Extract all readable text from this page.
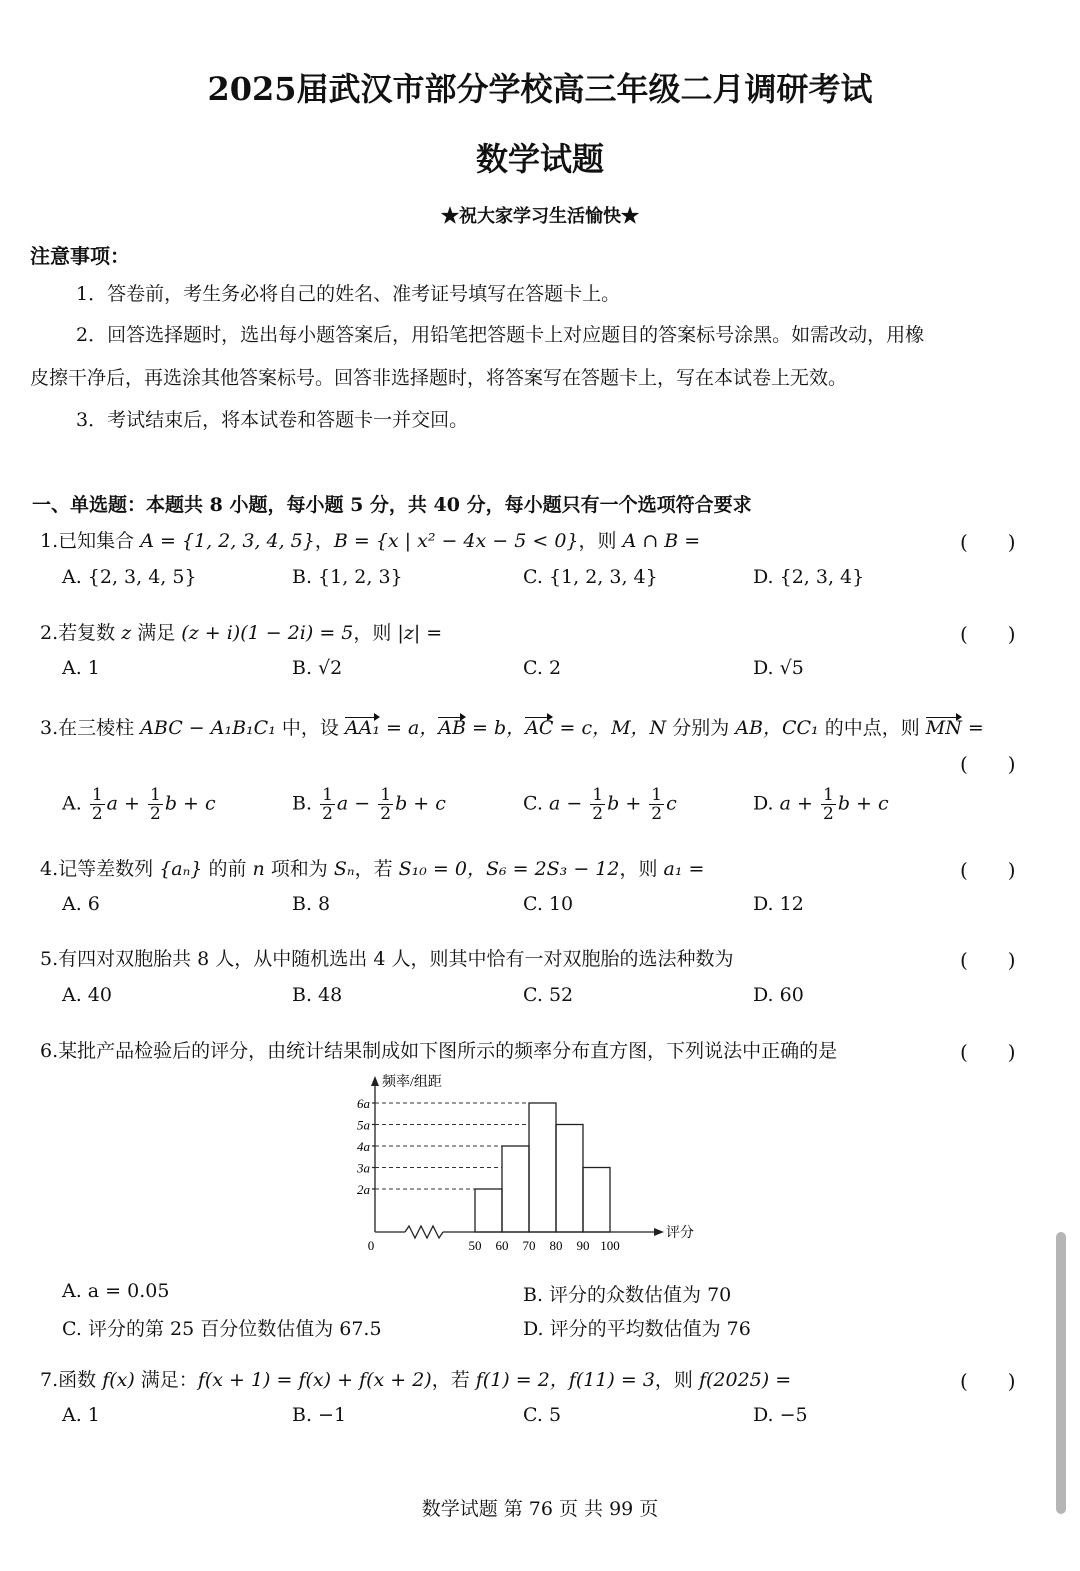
2025届武汉市部分学校高三年级二月调研考试
数学试题
★祝大家学习生活愉快★
注意事项：
1．答卷前，考生务必将自己的姓名、准考证号填写在答题卡上。
2．回答选择题时，选出每小题答案后，用铅笔把答题卡上对应题目的答案标号涂黑。如需改动，用橡
皮擦干净后，再选涂其他答案标号。回答非选择题时，将答案写在答题卡上，写在本试卷上无效。
3．考试结束后，将本试卷和答题卡一并交回。
一、单选题：本题共 8 小题，每小题 5 分，共 40 分，每小题只有一个选项符合要求
1.已知集合 A = {1, 2, 3, 4, 5}，B = {x | x² − 4x − 5 < 0}，则 A ∩ B =	(　　)
A. {2, 3, 4, 5}	B. {1, 2, 3}	C. {1, 2, 3, 4}	D. {2, 3, 4}
2.若复数 z 满足 (z + i)(1 − 2i) = 5，则 |z| =	(　　)
A. 1	B. √2	C. 2	D. √5
3.在三棱柱 ABC − A₁B₁C₁ 中，设 AA₁ = a，AB = b，AC = c，M，N 分别为 AB，CC₁ 的中点，则 MN =
(　　)
A. $\frac{1}{2}$ $a + \frac{1}{2}$ b + c	B. $\frac{1}{2}$ $a - \frac{1}{2}$ b + c	C. $a - \frac{1}{2}$ $b + \frac{1}{2}$ c	D. $a + \frac{1}{2}$ b + c
4.记等差数列 {aₙ} 的前 n 项和为 Sₙ，若 S₁₀ = 0，S₆ = 2S₃ − 12，则 a₁ =	(　　)
A. 6	B. 8	C. 10	D. 12
5.有四对双胞胎共 8 人，从中随机选出 4 人，则其中恰有一对双胞胎的选法种数为	(　　)
A. 40	B. 48	C. 52	D. 60
6.某批产品检验后的评分，由统计结果制成如下图所示的频率分布直方图，下列说法中正确的是	(　　)
频率/组距
评分
0
2a
3a
4a
5a
6a
50 60 70 80 90 100
A. a = 0.05	B. 评分的众数估值为 70
C. 评分的第 25 百分位数估值为 67.5	D. 评分的平均数估值为 76
7.函数 f(x) 满足：f(x + 1) = f(x) + f(x + 2)，若 f(1) = 2，f(11) = 3，则 f(2025) =	(　　)
A. 1	B. −1	C. 5	D. −5
数学试题 第 76 页 共 99 页
